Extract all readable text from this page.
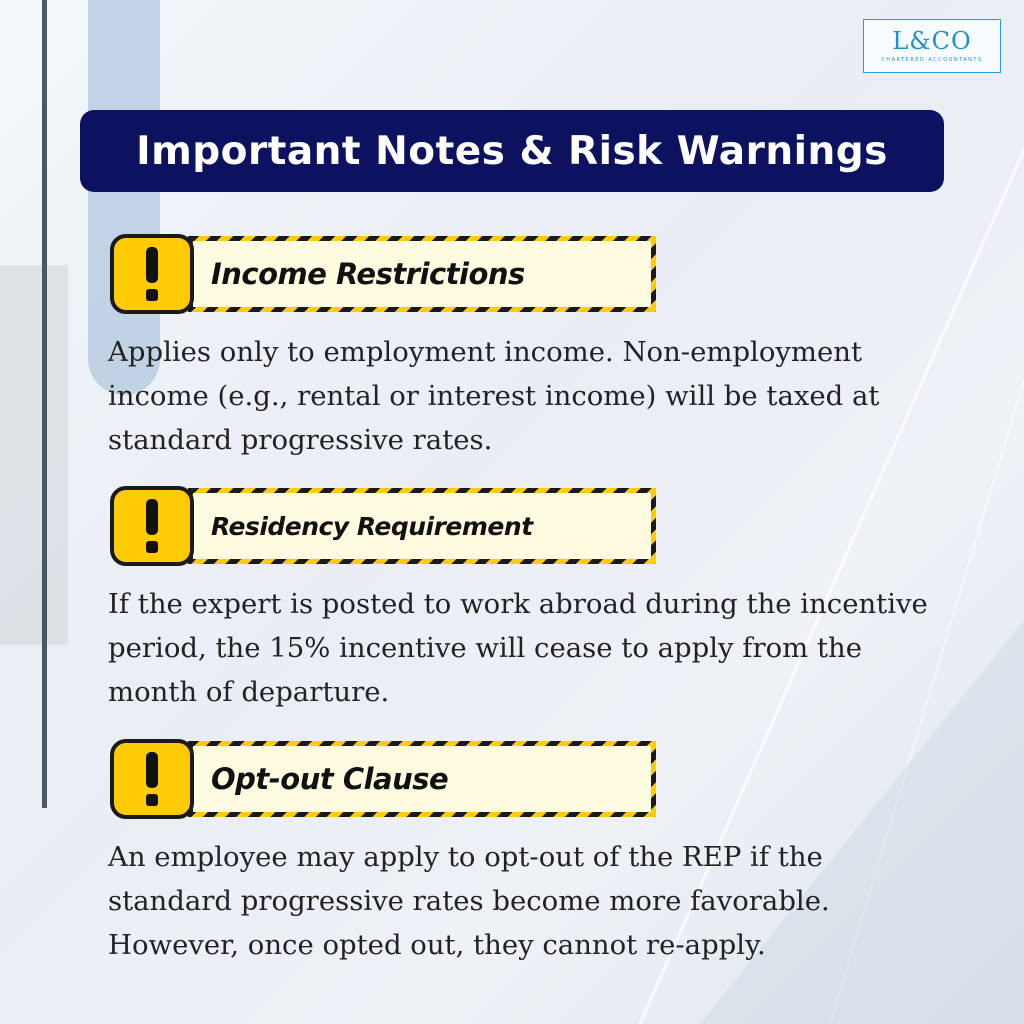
L&CO
CHARTERED ACCOUNTANTS
Important Notes & Risk Warnings
Income Restrictions
Applies only to employment income. Non-employment income (e.g., rental or interest income) will be taxed at standard progressive rates.
Residency Requirement
If the expert is posted to work abroad during the incentive period, the 15% incentive will cease to apply from the month of departure.
Opt-out Clause
An employee may apply to opt-out of the REP if the standard progressive rates become more favorable. However, once opted out, they cannot re-apply.
